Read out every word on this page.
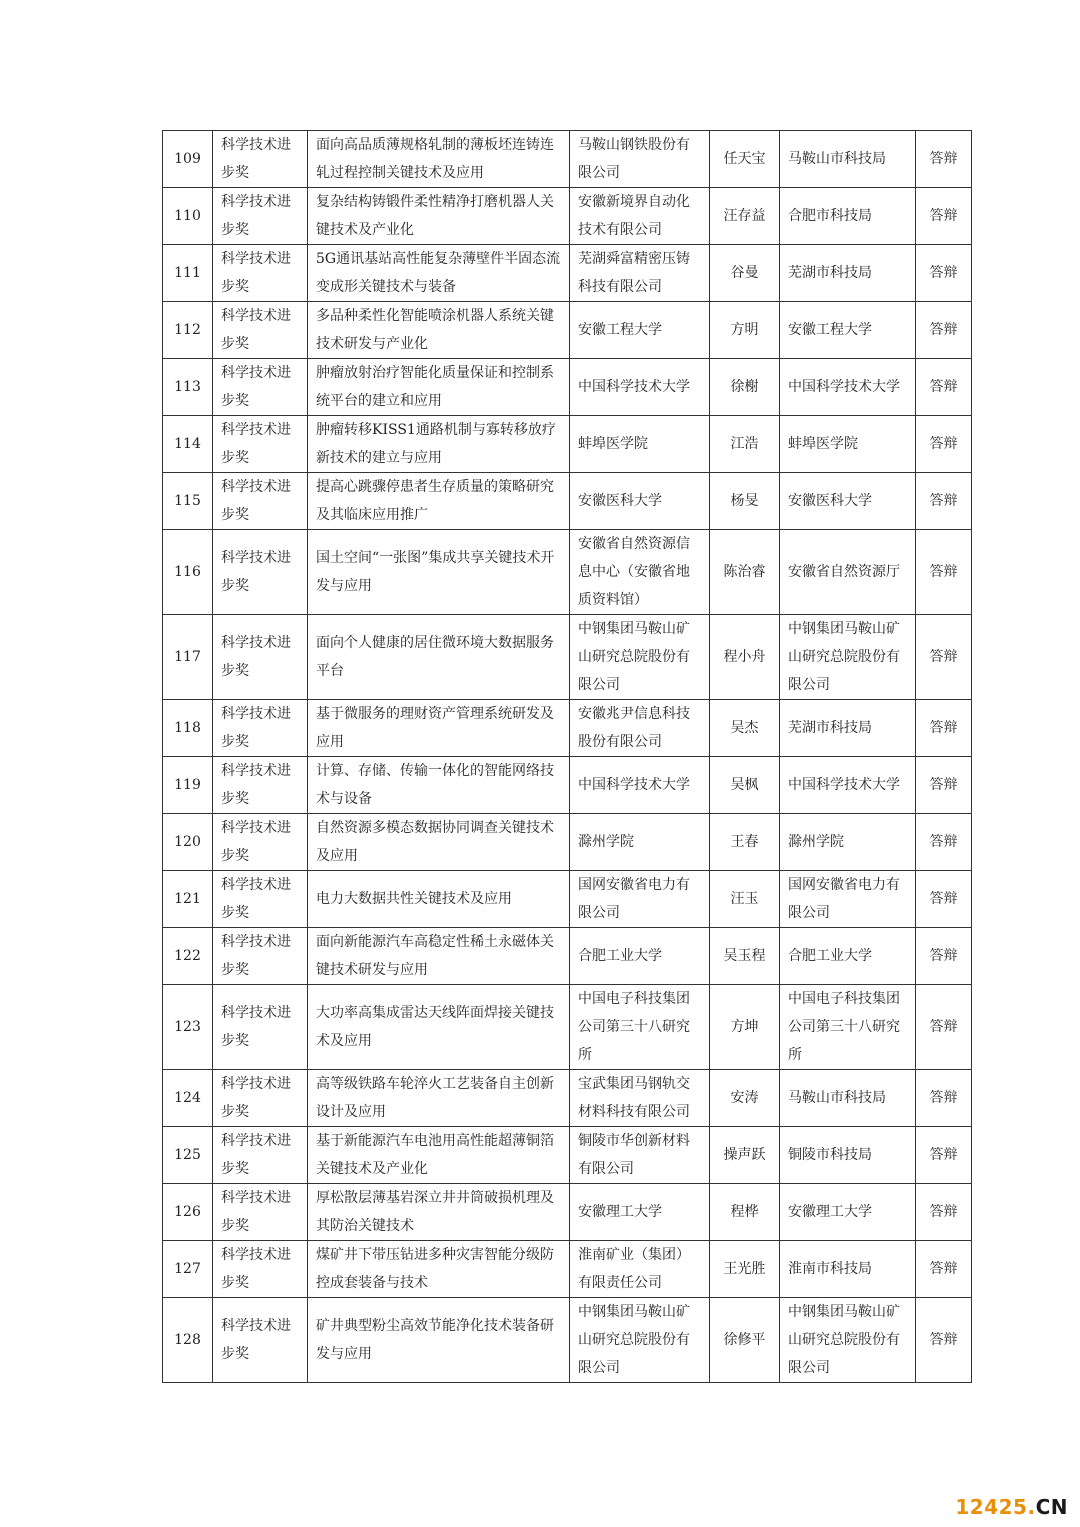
109	科学技术进步奖	面向高品质薄规格轧制的薄板坯连铸连轧过程控制关键技术及应用	马鞍山钢铁股份有限公司	任天宝	马鞍山市科技局	答辩

110	科学技术进步奖	复杂结构铸锻件柔性精净打磨机器人关键技术及产业化	安徽新境界自动化技术有限公司	汪存益	合肥市科技局	答辩

111	科学技术进步奖	5G通讯基站高性能复杂薄壁件半固态流变成形关键技术与装备	芜湖舜富精密压铸科技有限公司	谷曼	芜湖市科技局	答辩

112	科学技术进步奖	多品种柔性化智能喷涂机器人系统关键技术研发与产业化	安徽工程大学	方明	安徽工程大学	答辩

113	科学技术进步奖	肿瘤放射治疗智能化质量保证和控制系统平台的建立和应用	中国科学技术大学	徐榭	中国科学技术大学	答辩

114	科学技术进步奖	肿瘤转移KISS1通路机制与寡转移放疗新技术的建立与应用	蚌埠医学院	江浩	蚌埠医学院	答辩

115	科学技术进步奖	提高心跳骤停患者生存质量的策略研究及其临床应用推广	安徽医科大学	杨旻	安徽医科大学	答辩

116	科学技术进步奖	国土空间“一张图”集成共享关键技术开发与应用	安徽省自然资源信息中心（安徽省地质资料馆）	陈治睿	安徽省自然资源厅	答辩

117	科学技术进步奖	面向个人健康的居住微环境大数据服务平台	中钢集团马鞍山矿山研究总院股份有限公司	程小舟	中钢集团马鞍山矿山研究总院股份有限公司	答辩

118	科学技术进步奖	基于微服务的理财资产管理系统研发及应用	安徽兆尹信息科技股份有限公司	吴杰	芜湖市科技局	答辩

119	科学技术进步奖	计算、存储、传输一体化的智能网络技术与设备	中国科学技术大学	吴枫	中国科学技术大学	答辩

120	科学技术进步奖	自然资源多模态数据协同调查关键技术及应用	滁州学院	王春	滁州学院	答辩

121	科学技术进步奖	电力大数据共性关键技术及应用	国网安徽省电力有限公司	汪玉	国网安徽省电力有限公司	答辩

122	科学技术进步奖	面向新能源汽车高稳定性稀土永磁体关键技术研发与应用	合肥工业大学	吴玉程	合肥工业大学	答辩

123	科学技术进步奖	大功率高集成雷达天线阵面焊接关键技术及应用	中国电子科技集团公司第三十八研究所	方坤	中国电子科技集团公司第三十八研究所	答辩

124	科学技术进步奖	高等级铁路车轮淬火工艺装备自主创新设计及应用	宝武集团马钢轨交材料科技有限公司	安涛	马鞍山市科技局	答辩

125	科学技术进步奖	基于新能源汽车电池用高性能超薄铜箔关键技术及产业化	铜陵市华创新材料有限公司	操声跃	铜陵市科技局	答辩

126	科学技术进步奖	厚松散层薄基岩深立井井筒破损机理及其防治关键技术	安徽理工大学	程桦	安徽理工大学	答辩

127	科学技术进步奖	煤矿井下带压钻进多种灾害智能分级防控成套装备与技术	淮南矿业（集团）有限责任公司	王光胜	淮南市科技局	答辩

128	科学技术进步奖	矿井典型粉尘高效节能净化技术装备研发与应用	中钢集团马鞍山矿山研究总院股份有限公司	徐修平	中钢集团马鞍山矿山研究总院股份有限公司	答辩
12425.CN
